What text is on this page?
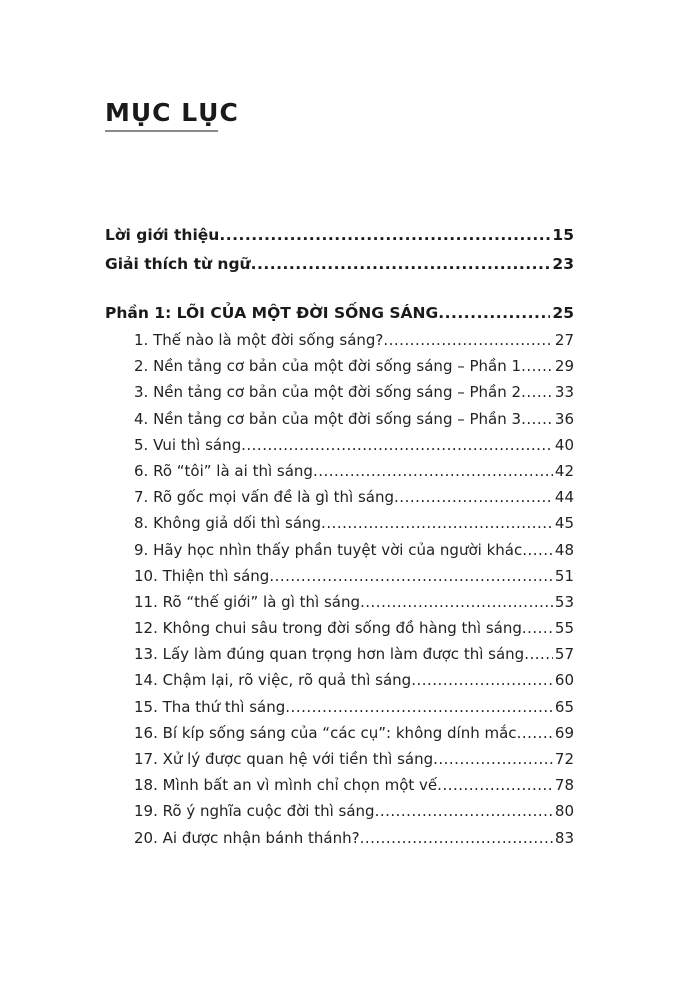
MỤC LỤC
Lời giới thiệu .....	15
Giải thích từ ngữ .....	23
Phần 1: LÕI CỦA MỘT ĐỜI SỐNG SÁNG .....	25
1. Thế nào là một đời sống sáng? .....	27
2. Nền tảng cơ bản của một đời sống sáng – Phần 1 ..... 29
3. Nền tảng cơ bản của một đời sống sáng – Phần 2 ..... 33
4. Nền tảng cơ bản của một đời sống sáng – Phần 3 ..... 36
5. Vui thì sáng .....	40
6. Rõ “tôi” là ai thì sáng .....	42
7. Rõ gốc mọi vấn đề là gì thì sáng .....	44
8. Không giả dối thì sáng .....	45
9. Hãy học nhìn thấy phần tuyệt vời của người khác ..... 48
10. Thiện thì sáng .....	51
11. Rõ “thế giới” là gì thì sáng .....	53
12. Không chui sâu trong đời sống đồ hàng thì sáng ..... 55
13. Lấy làm đúng quan trọng hơn làm được thì sáng ..... 57
14. Chậm lại, rõ việc, rõ quả thì sáng .....	60
15. Tha thứ thì sáng .....	65
16. Bí kíp sống sáng của “các cụ”: không dính mắc .....	69
17. Xử lý được quan hệ với tiền thì sáng .....	72
18. Mình bất an vì mình chỉ chọn một vế .....	78
19. Rõ ý nghĩa cuộc đời thì sáng .....	80
20. Ai được nhận bánh thánh? .....	83
